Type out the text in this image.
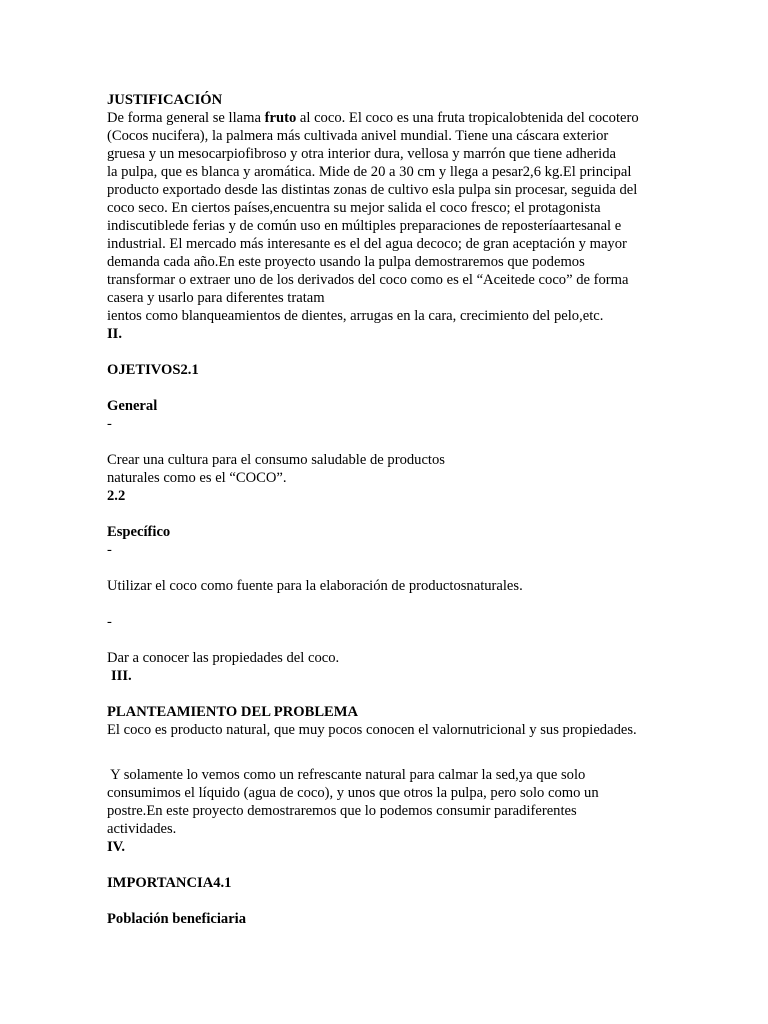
JUSTIFICACIÓN
De forma general se llama fruto al coco. El coco es una fruta tropicalobtenida del cocotero
(Cocos nucifera), la palmera más cultivada anivel mundial. Tiene una cáscara exterior
gruesa y un mesocarpiofibroso y otra interior dura, vellosa y marrón que tiene adherida
la pulpa, que es blanca y aromática. Mide de 20 a 30 cm y llega a pesar2,6 kg.El principal
producto exportado desde las distintas zonas de cultivo esla pulpa sin procesar, seguida del
coco seco. En ciertos países,encuentra su mejor salida el coco fresco; el protagonista
indiscutiblede ferias y de común uso en múltiples preparaciones de reposteríaartesanal e
industrial. El mercado más interesante es el del agua decoco; de gran aceptación y mayor
demanda cada año.En este proyecto usando la pulpa demostraremos que podemos
transformar o extraer uno de los derivados del coco como es el “Aceitede coco” de forma
casera y usarlo para diferentes tratam
ientos como blanqueamientos de dientes, arrugas en la cara, crecimiento del pelo,etc.
II.
OJETIVOS2.1
General
-
Crear una cultura para el consumo saludable de productos
naturales como es el “COCO”.
2.2
Específico
-
Utilizar el coco como fuente para la elaboración de productosnaturales.
-
Dar a conocer las propiedades del coco.
III.
PLANTEAMIENTO DEL PROBLEMA
El coco es producto natural, que muy pocos conocen el valornutricional y sus propiedades.
Y solamente lo vemos como un refrescante natural para calmar la sed,ya que solo
consumimos el líquido (agua de coco), y unos que otros la pulpa, pero solo como un
postre.En este proyecto demostraremos que lo podemos consumir paradiferentes
actividades.
IV.
IMPORTANCIA4.1
Población beneficiaria
